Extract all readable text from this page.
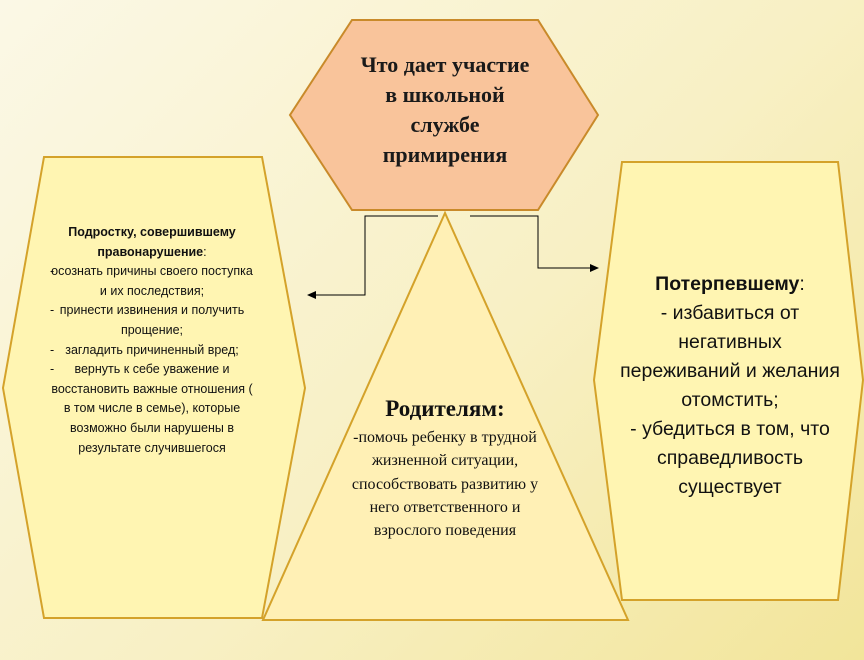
Что дает участие в школьной службе примирения
Подростку, совершившему правонарушение:
- осознать причины своего поступка и их последствия;
- принести извинения и получить прощение;
- загладить причиненный вред;
- вернуть к себе уважение и восстановить важные отношения ( в том числе в семье), которые возможно были нарушены в результате случившегося
Потерпевшему:
- избавиться от негативных переживаний и желания отомстить;
- убедиться в том, что справедливость существует
Родителям:
-помочь ребенку в трудной жизненной ситуации, способствовать развитию у него ответственного и взрослого поведения
